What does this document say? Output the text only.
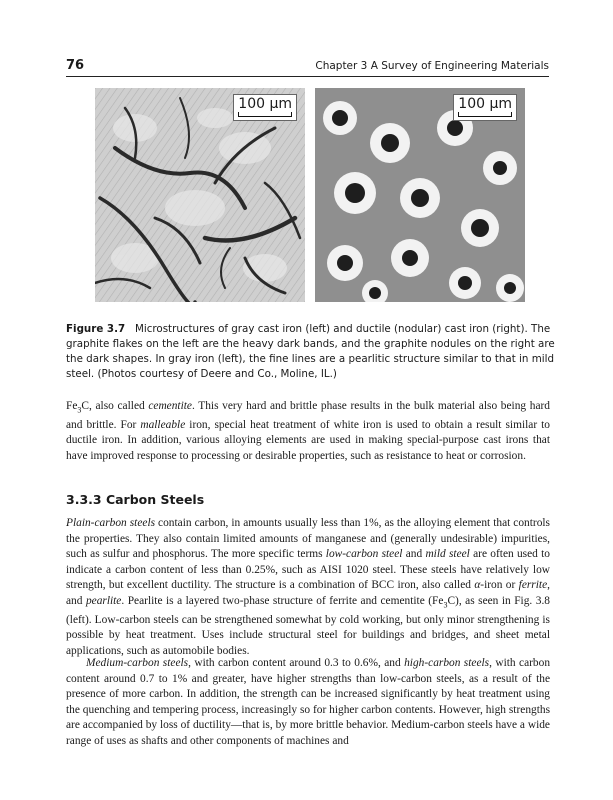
76	Chapter 3 A Survey of Engineering Materials
100 μm	100 μm
Figure 3.7 Microstructures of gray cast iron (left) and ductile (nodular) cast iron (right). The graphite flakes on the left are the heavy dark bands, and the graphite nodules on the right are the dark shapes. In gray iron (left), the fine lines are a pearlitic structure similar to that in mild steel. (Photos courtesy of Deere and Co., Moline, IL.)

$Fe_3C$, also called cementite. This very hard and brittle phase results in the bulk material also being hard and brittle. For malleable iron, special heat treatment of white iron is used to obtain a result similar to ductile iron. In addition, various alloying elements are used in making special-purpose cast irons that have improved response to processing or desirable properties, such as resistance to heat or corrosion.

3.3.3 Carbon Steels

Plain-carbon steels contain carbon, in amounts usually less than 1%, as the alloying element that controls the properties. They also contain limited amounts of manganese and (generally undesirable) impurities, such as sulfur and phosphorus. The more specific terms low-carbon steel and mild steel are often used to indicate a carbon content of less than 0.25%, such as AISI 1020 steel. These steels have relatively low strength, but excellent ductility. The structure is a combination of BCC iron, also called α-iron or ferrite, and pearlite. Pearlite is a layered two-phase structure of ferrite and cementite $(Fe_3C)$, as seen in Fig. 3.8 (left). Low-carbon steels can be strengthened somewhat by cold working, but only minor strengthening is possible by heat treatment. Uses include structural steel for buildings and bridges, and sheet metal applications, such as automobile bodies.

Medium-carbon steels, with carbon content around 0.3 to 0.6%, and high-carbon steels, with carbon content around 0.7 to 1% and greater, have higher strengths than low-carbon steels, as a result of the presence of more carbon. In addition, the strength can be increased significantly by heat treatment using the quenching and tempering process, increasingly so for higher carbon contents. However, high strengths are accompanied by loss of ductility—that is, by more brittle behavior. Medium-carbon steels have a wide range of uses as shafts and other components of machines and
